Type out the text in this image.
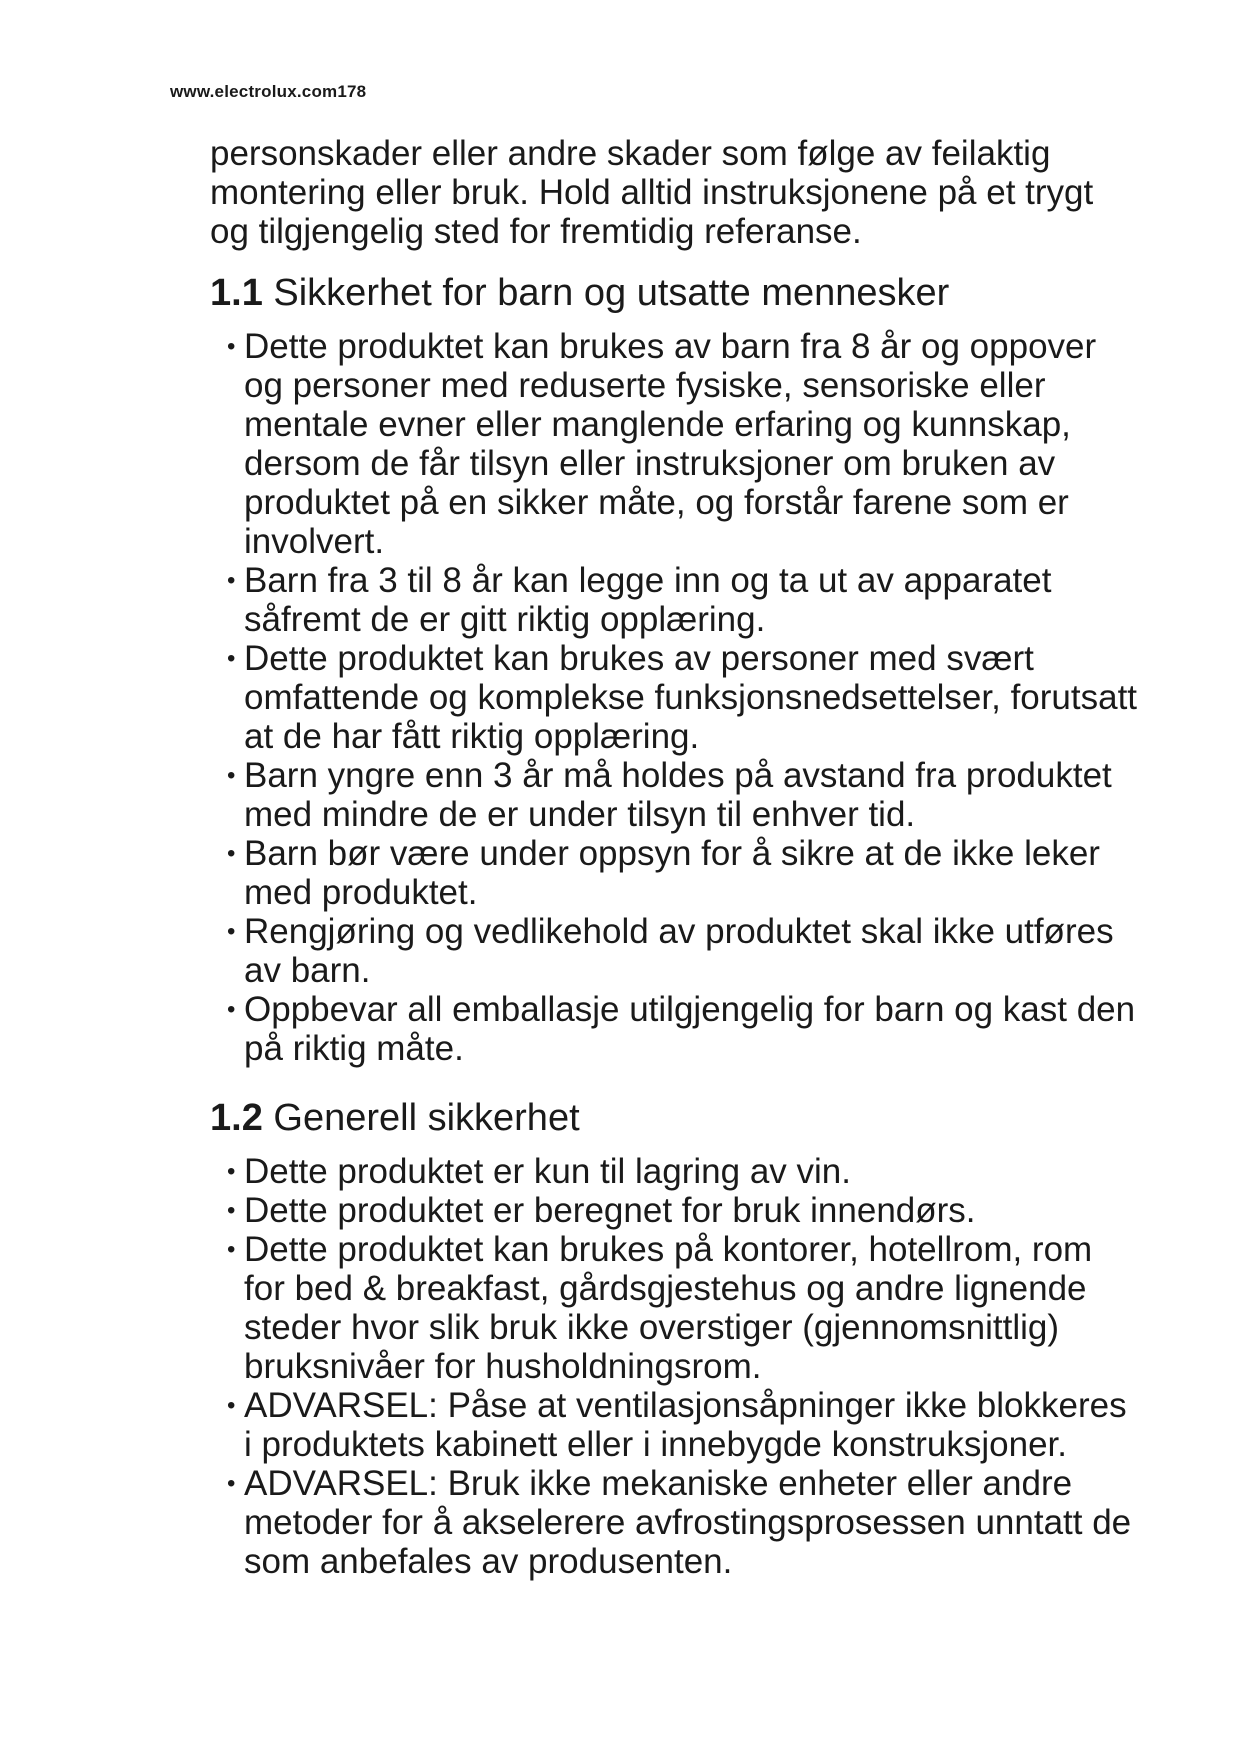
www.electrolux.com178

personskader eller andre skader som følge av feilaktig montering eller bruk. Hold alltid instruksjonene på et trygt og tilgjengelig sted for fremtidig referanse.

1.1 Sikkerhet for barn og utsatte mennesker
• Dette produktet kan brukes av barn fra 8 år og oppover og personer med reduserte fysiske, sensoriske eller mentale evner eller manglende erfaring og kunnskap, dersom de får tilsyn eller instruksjoner om bruken av produktet på en sikker måte, og forstår farene som er involvert.
• Barn fra 3 til 8 år kan legge inn og ta ut av apparatet såfremt de er gitt riktig opplæring.
• Dette produktet kan brukes av personer med svært omfattende og komplekse funksjonsnedsettelser, forutsatt at de har fått riktig opplæring.
• Barn yngre enn 3 år må holdes på avstand fra produktet med mindre de er under tilsyn til enhver tid.
• Barn bør være under oppsyn for å sikre at de ikke leker med produktet.
• Rengjøring og vedlikehold av produktet skal ikke utføres av barn.
• Oppbevar all emballasje utilgjengelig for barn og kast den på riktig måte.
1.2 Generell sikkerhet
• Dette produktet er kun til lagring av vin.
• Dette produktet er beregnet for bruk innendørs.
• Dette produktet kan brukes på kontorer, hotellrom, rom for bed & breakfast, gårdsgjestehus og andre lignende steder hvor slik bruk ikke overstiger (gjennomsnittlig) bruksnivåer for husholdningsrom.
• ADVARSEL: Påse at ventilasjonsåpninger ikke blokkeres i produktets kabinett eller i innebygde konstruksjoner.
• ADVARSEL: Bruk ikke mekaniske enheter eller andre metoder for å akselerere avfrostingsprosessen unntatt de som anbefales av produsenten.
